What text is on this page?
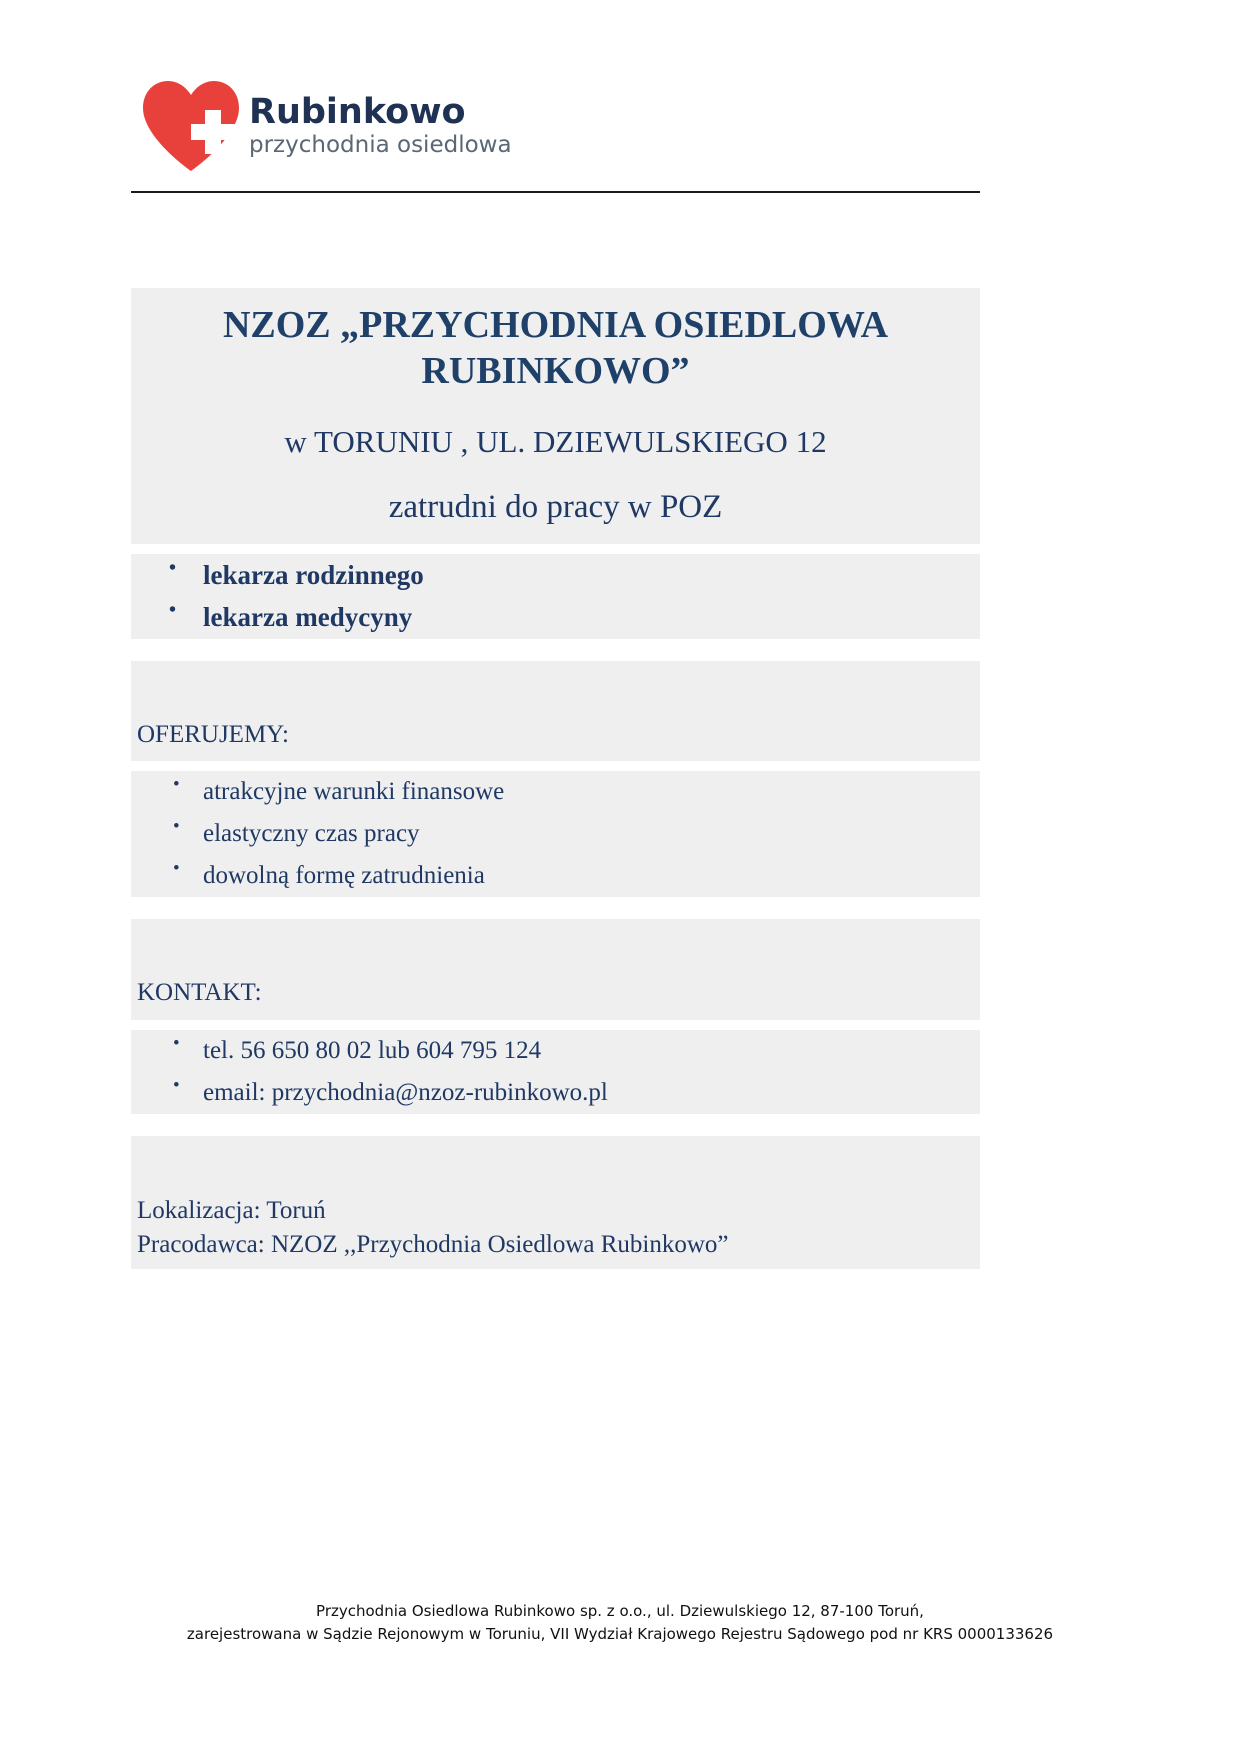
Rubinkowo
przychodnia osiedlowa
NZOZ „PRZYCHODNIA OSIEDLOWA RUBINKOWO”
w TORUNIU , UL. DZIEWULSKIEGO 12
zatrudni do pracy w POZ
• lekarza rodzinnego
• lekarza medycyny
OFERUJEMY:
• atrakcyjne warunki finansowe
• elastyczny czas pracy
• dowolną formę zatrudnienia
KONTAKT:
• tel. 56 650 80 02 lub 604 795 124
• email: przychodnia@nzoz-rubinkowo.pl
Lokalizacja: Toruń
Pracodawca: NZOZ ,,Przychodnia Osiedlowa Rubinkowo”
Przychodnia Osiedlowa Rubinkowo sp. z o.o., ul. Dziewulskiego 12, 87-100 Toruń,
zarejestrowana w Sądzie Rejonowym w Toruniu, VII Wydział Krajowego Rejestru Sądowego pod nr KRS 0000133626
